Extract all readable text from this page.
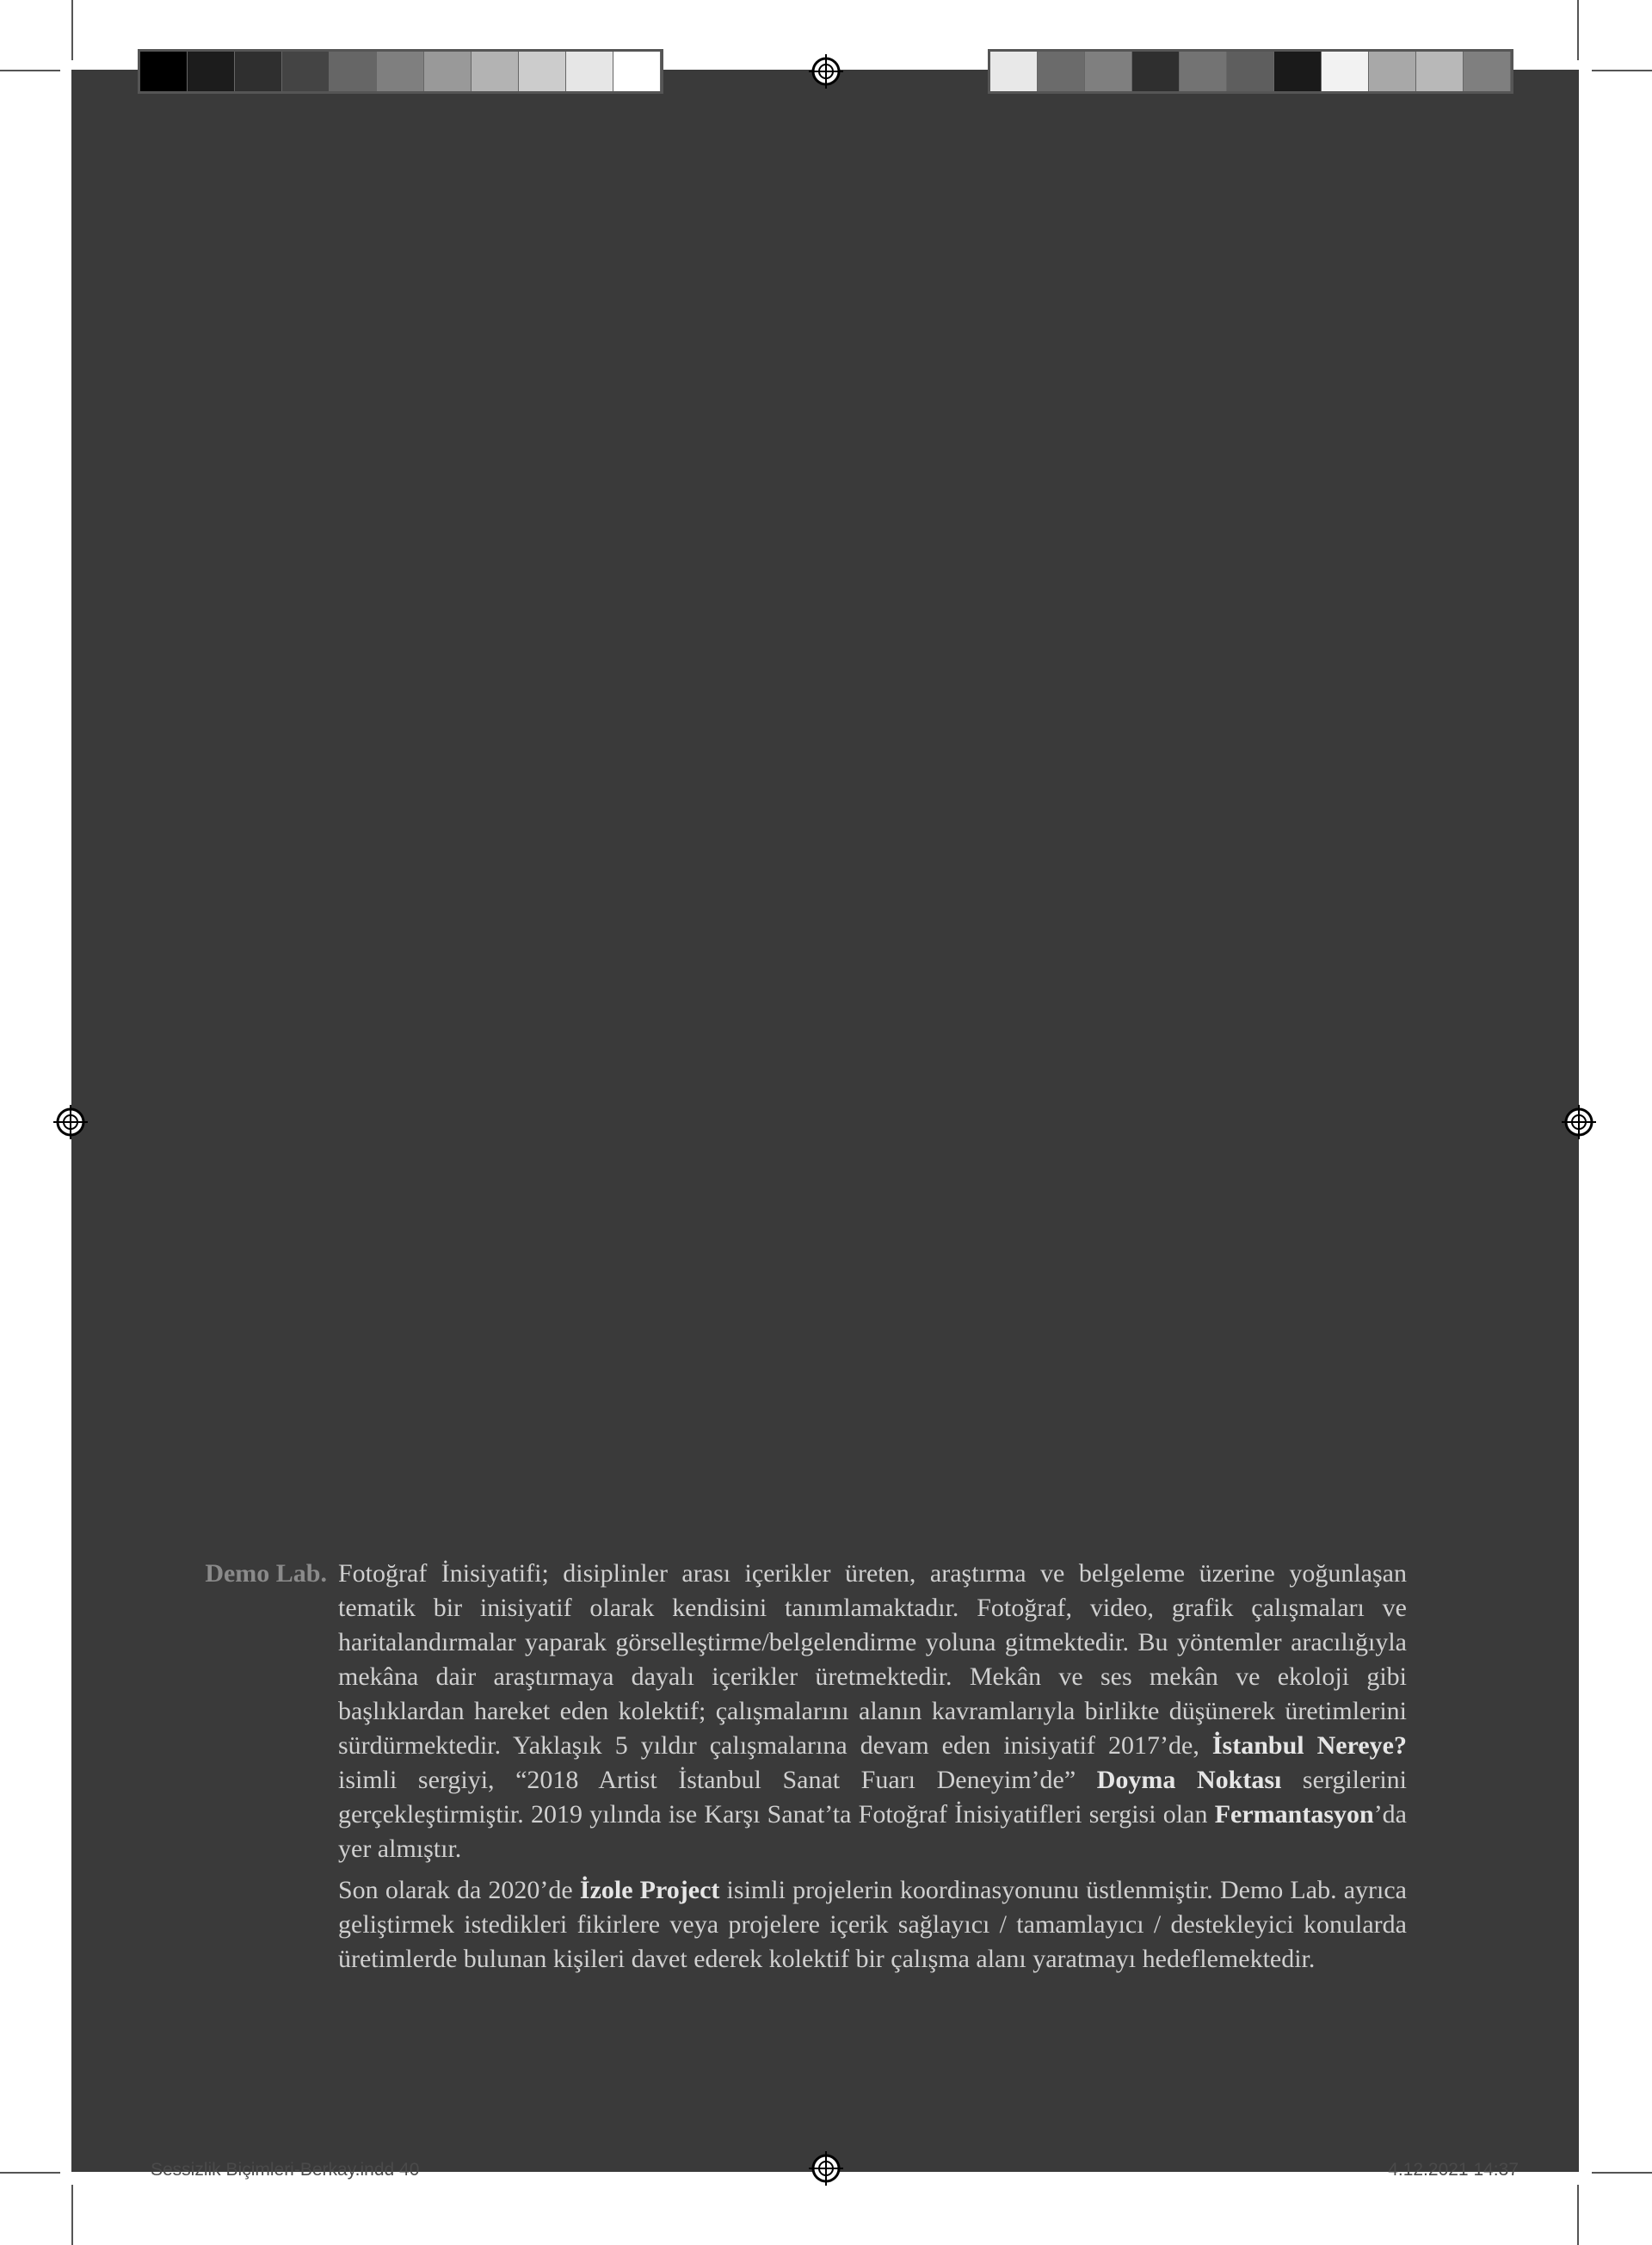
Demo Lab. Fotoğraf İnisiyatifi; disiplinler arası içerikler üreten, araştırma ve belgeleme üzerine yoğunlaşan tematik bir inisiyatif olarak kendisini tanımlamaktadır. Fotoğraf, video, grafik çalışmaları ve haritalandırmalar yaparak görselleştirme/belgelendirme yoluna gitmektedir. Bu yöntemler aracılığıyla mekâna dair araştırmaya dayalı içerikler üretmektedir. Mekân ve ses mekân ve ekoloji gibi başlıklardan hareket eden kolektif; çalışmalarını alanın kavramlarıyla birlikte düşünerek üretimlerini sürdürmektedir. Yaklaşık 5 yıldır çalışmalarına devam eden inisiyatif 2017’de, İstanbul Nereye? isimli sergiyi, “2018 Artist İstanbul Sanat Fuarı Deneyim’de” Doyma Noktası sergilerini gerçekleştirmiştir. 2019 yılında ise Karşı Sanat’ta Fotoğraf İnisiyatifleri sergisi olan Fermantasyon’da yer almıştır.

Son olarak da 2020’de İzole Project isimli projelerin koordinasyonunu üstlenmiştir. Demo Lab. ayrıca geliştirmek istedikleri fikirlere veya projelere içerik sağlayıcı / tamamlayıcı / destekleyici konularda üretimlerde bulunan kişileri davet ederek kolektif bir çalışma alanı yaratmayı hedeflemektedir.

Sessizlik Biçimleri-Berkay.indd 40	4.12.2021 14:37
